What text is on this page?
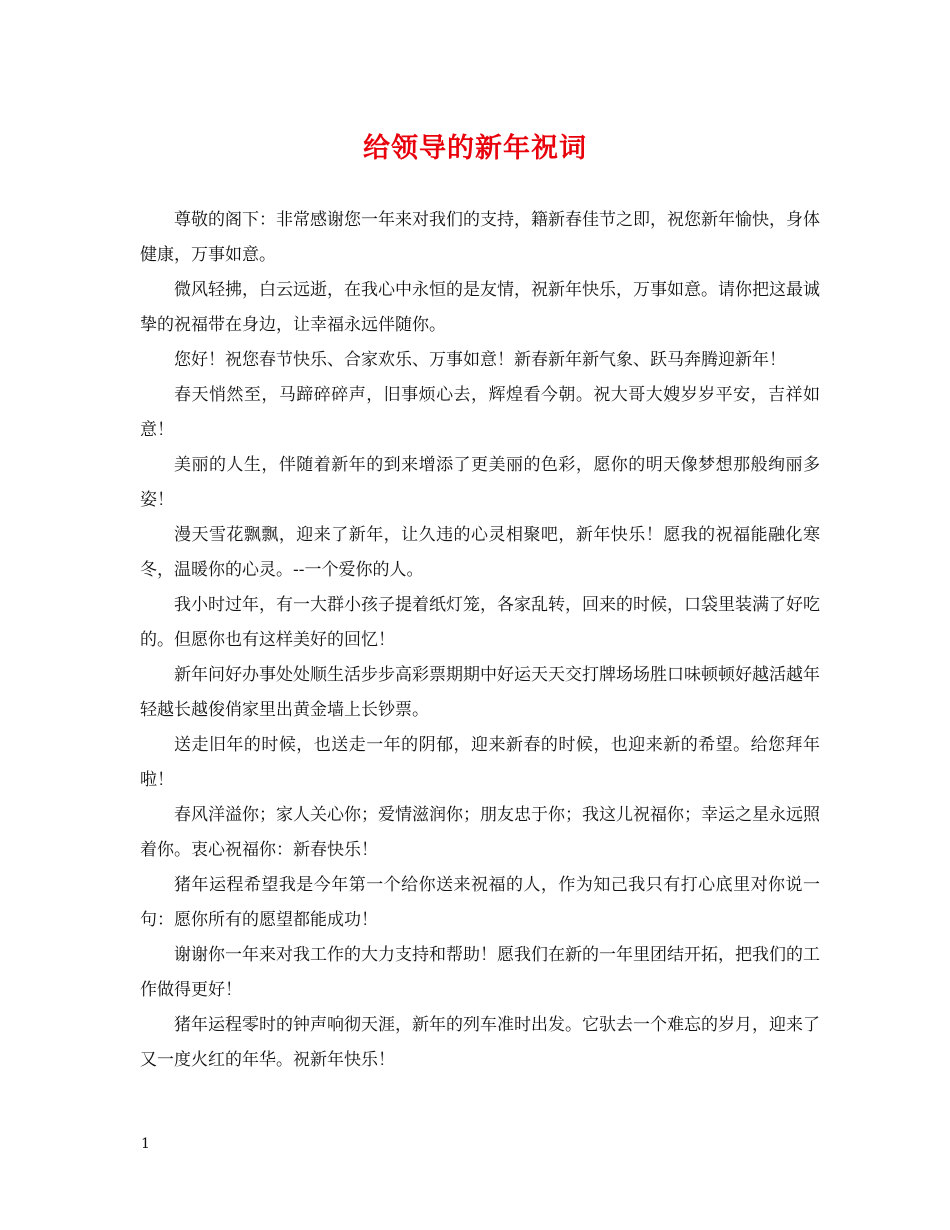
给领导的新年祝词

尊敬的阁下：非常感谢您一年来对我们的支持，籍新春佳节之即，祝您新年愉快，身体健康，万事如意。

微风轻拂，白云远逝，在我心中永恒的是友情，祝新年快乐，万事如意。请你把这最诚挚的祝福带在身边，让幸福永远伴随你。

您好！祝您春节快乐、合家欢乐、万事如意！新春新年新气象、跃马奔腾迎新年！

春天悄然至，马蹄碎碎声，旧事烦心去，辉煌看今朝。祝大哥大嫂岁岁平安，吉祥如意！

美丽的人生，伴随着新年的到来增添了更美丽的色彩，愿你的明天像梦想那般绚丽多姿！

漫天雪花飘飘，迎来了新年，让久违的心灵相聚吧，新年快乐！愿我的祝福能融化寒冬，温暖你的心灵。--一个爱你的人。

我小时过年，有一大群小孩子提着纸灯笼，各家乱转，回来的时候，口袋里装满了好吃的。但愿你也有这样美好的回忆！

新年问好办事处处顺生活步步高彩票期期中好运天天交打牌场场胜口味顿顿好越活越年轻越长越俊俏家里出黄金墙上长钞票。

送走旧年的时候，也送走一年的阴郁，迎来新春的时候，也迎来新的希望。给您拜年啦！

春风洋溢你；家人关心你；爱情滋润你；朋友忠于你；我这儿祝福你；幸运之星永远照着你。衷心祝福你：新春快乐！

猪年运程希望我是今年第一个给你送来祝福的人，作为知己我只有打心底里对你说一句：愿你所有的愿望都能成功！

谢谢你一年来对我工作的大力支持和帮助！愿我们在新的一年里团结开拓，把我们的工作做得更好！

猪年运程零时的钟声响彻天涯，新年的列车准时出发。它驮去一个难忘的岁月，迎来了又一度火红的年华。祝新年快乐！

1
